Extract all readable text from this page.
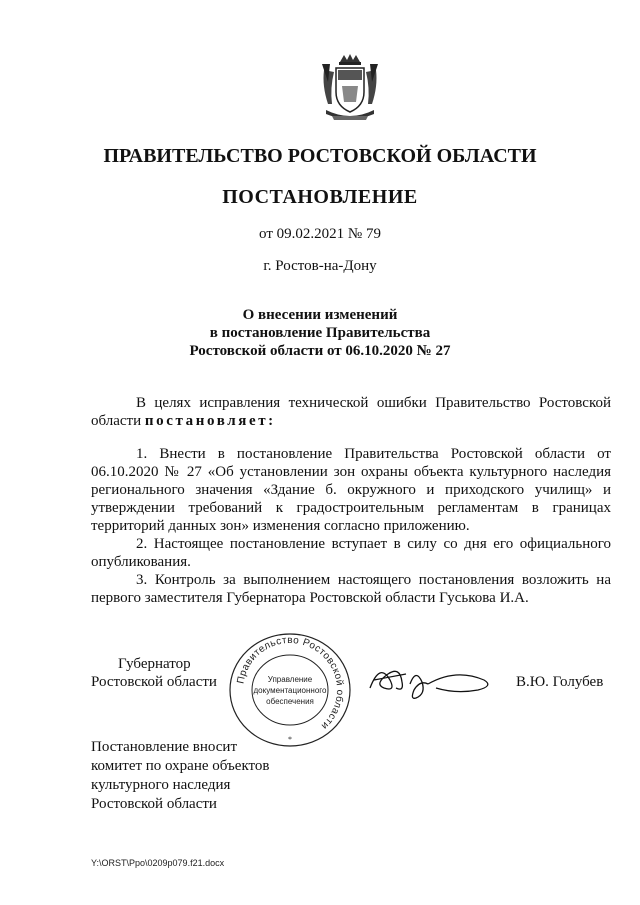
ПРАВИТЕЛЬСТВО РОСТОВСКОЙ ОБЛАСТИ
ПОСТАНОВЛЕНИЕ
от 09.02.2021 № 79
г. Ростов-на-Дону
О внесении изменений
в постановление Правительства
Ростовской области от 06.10.2020 № 27
В целях исправления технической ошибки Правительство Ростовской области постановляет:

1. Внести в постановление Правительства Ростовской области от 06.10.2020 № 27 «Об установлении зон охраны объекта культурного наследия регионального значения «Здание б. окружного и приходского училищ» и утверждении требований к градостроительным регламентам в границах территорий данных зон» изменения согласно приложению.

2. Настоящее постановление вступает в силу со дня его официального опубликования.

3. Контроль за выполнением настоящего постановления возложить на первого заместителя Губернатора Ростовской области Гуськова И.А.

Губернатор
Ростовской области	В.Ю. Голубев
Правительство Ростовской области
Управление
документационного
обеспечения
*
Постановление вносит
комитет по охране объектов
культурного наследия
Ростовской области
Y:\ORST\Ppo\0209p079.f21.docx
